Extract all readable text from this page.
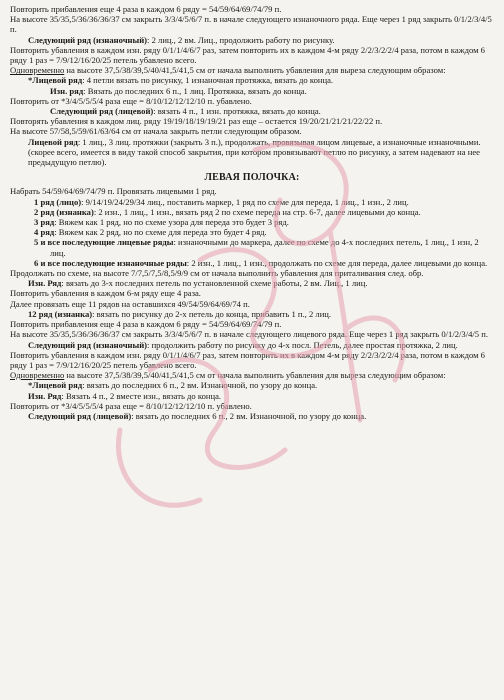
Повторить прибавления еще 4 раза в каждом 6 ряду = 54/59/64/69/74/79 п.

На высоте 35/35,5/36/36/36/37 см закрыть 3/3/4/5/6/7 п. в начале следующего изнаночного ряда. Еще через 1 ряд закрыть 0/1/2/3/4/5 п.

Следующий ряд (изнаночный): 2 лиц., 2 вм. Лиц., продолжить работу по рисунку.

Повторить убавления в каждом изн. ряду 0/1/1/4/6/7 раз, затем повторить их в каждом 4-м ряду 2/2/3/2/2/4 раза, потом в каждом 6 ряду 1 раз = 7/9/12/16/20/25 петель убавлено всего.

Одновременно на высоте 37,5/38/39,5/40/41,5/41,5 см от начала выполнить убавления для выреза следующим образом:

*Лицевой ряд: 4 петли вязать по рисунку, 1 изнаночная протяжка, вязать до конца.

Изн. ряд: Вязать до последних 6 п., 1 лиц. Протяжка, вязать до конца.

Повторить от *3/4/5/5/5/4 раза еще = 8/10/12/12/12/10 п. убавлено.

Следующий ряд (лицевой): вязать 4 п., 1 изн. протяжка, вязать до конца.

Повторять убавления в каждом лиц. ряду 19/19/18/19/19/21 раз еще – остается 19/20/21/21/21/22/22 п.

На высоте 57/58,5/59/61/63/64 см от начала закрыть петли следующим образом.

Лицевой ряд: 1 лиц., 3 лиц. протяжки (закрыть 3 п.), продолжать, провязывая лицом лицевые, а изнаночные изнаночными. (скорее всего, имеется в виду такой способ закрытия, при котором провязывают петлю по рисунку, а затем надевают на нее предыдущую петлю).

ЛЕВАЯ ПОЛОЧКА:

Набрать 54/59/64/69/74/79 п. Провязать лицевыми 1 ряд.

1 ряд (лицо): 9/14/19/24/29/34 лиц., поставить маркер, 1 ряд по схеме для переда, 1 лиц., 1 изн., 2 лиц.

2 ряд (изнанка): 2 изн., 1 лиц., 1 изн., вязать ряд 2 по схеме переда на стр. 6-7, далее лицевыми до конца.

3 ряд: Вяжем как 1 ряд, но по схеме узора для переда это будет 3 ряд.

4 ряд: Вяжем как 2 ряд, но по схеме для переда это будет 4 ряд.

5 и все последующие лицевые ряды: изнаночными до маркера, далее по схеме до 4-х последних петель, 1 лиц., 1 изн, 2 лиц.

6 и все последующие изнаночные ряды: 2 изн., 1 лиц., 1 изн., продолжать по схеме для переда, далее лицевыми до конца.

Продолжать по схеме, на высоте 7/7,5/7,5/8,5/9/9 см от начала выполнить убавления для приталивания след. обр.

Изн. Ряд: вязать до 3-х последних петель по установленной схеме работы, 2 вм. Лиц., 1 лиц.

Повторить убавления в каждом 6-м ряду еще 4 раза.

Далее провязать еще 11 рядов на оставшихся 49/54/59/64/69/74 п.

12 ряд (изнанка): вязать по рисунку до 2-х петель до конца, прибавить 1 п., 2 лиц.

Повторить прибавления еще 4 раза в каждом 6 ряду = 54/59/64/69/74/79 п.

На высоте 35/35,5/36/36/36/37 см закрыть 3/3/4/5/6/7 п. в начале следующего лицевого ряда. Еще через 1 ряд закрыть 0/1/2/3/4/5 п.

Следующий ряд (изнаночный): продолжить работу по рисунку до 4-х посл. Петель, далее простая протяжка, 2 лиц.

Повторить убавления в каждом изн. ряду 0/1/1/4/6/7 раз, затем повторить их в каждом 4-м ряду 2/2/3/2/2/4 раза, потом в каждом 6 ряду 1 раз = 7/9/12/16/20/25 петель убавлено всего.

Одновременно на высоте 37,5/38/39,5/40/41,5/41,5 см от начала выполнить убавления для выреза следующим образом:

*Лицевой ряд: вязать до последних 6 п., 2 вм. Изнаночной, по узору до конца.

Изн. Ряд: Вязать 4 п., 2 вместе изн., вязать до конца.

Повторить от *3/4/5/5/5/4 раза еще = 8/10/12/12/12/10 п. убавлено.

Следующий ряд (лицевой): вязать до последних 6 п., 2 вм. Изнаночной, по узору до конца.
